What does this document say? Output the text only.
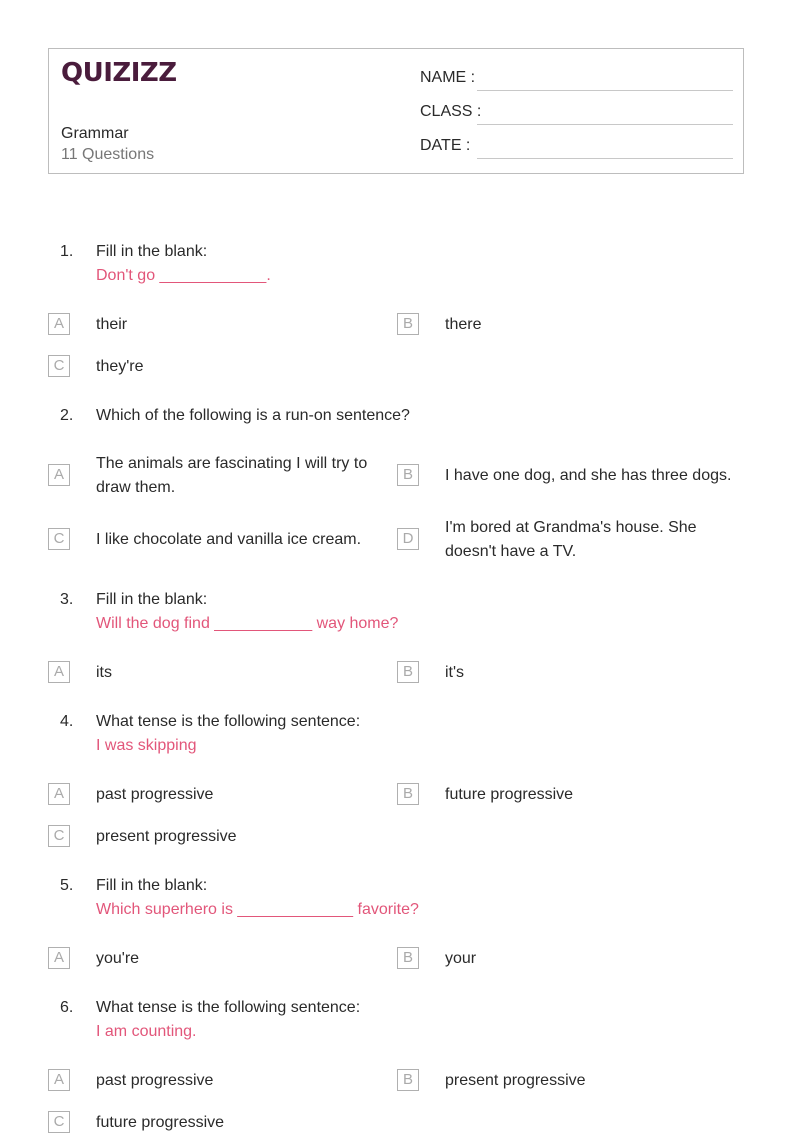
QUIZIZZ
Grammar
11 Questions
NAME :
CLASS :
DATE :
1. Fill in the blank:
Don't go ____________.
A	their	B	there
C	they're
2. Which of the following is a run-on sentence?
A
The animals are fascinating I will try to draw them.
B	I have one dog, and she has three dogs.
C	I like chocolate and vanilla ice cream.	D
I'm bored at Grandma's house. She doesn't have a TV.
3. Fill in the blank:
Will the dog find ___________ way home?
A	its	B	it's
4. What tense is the following sentence:
I was skipping
A	past progressive	B	future progressive
C	present progressive
5. Fill in the blank:
Which superhero is _____________ favorite?
A	you're	B	your
6. What tense is the following sentence:
I am counting.
A	past progressive	B	present progressive
C	future progressive
